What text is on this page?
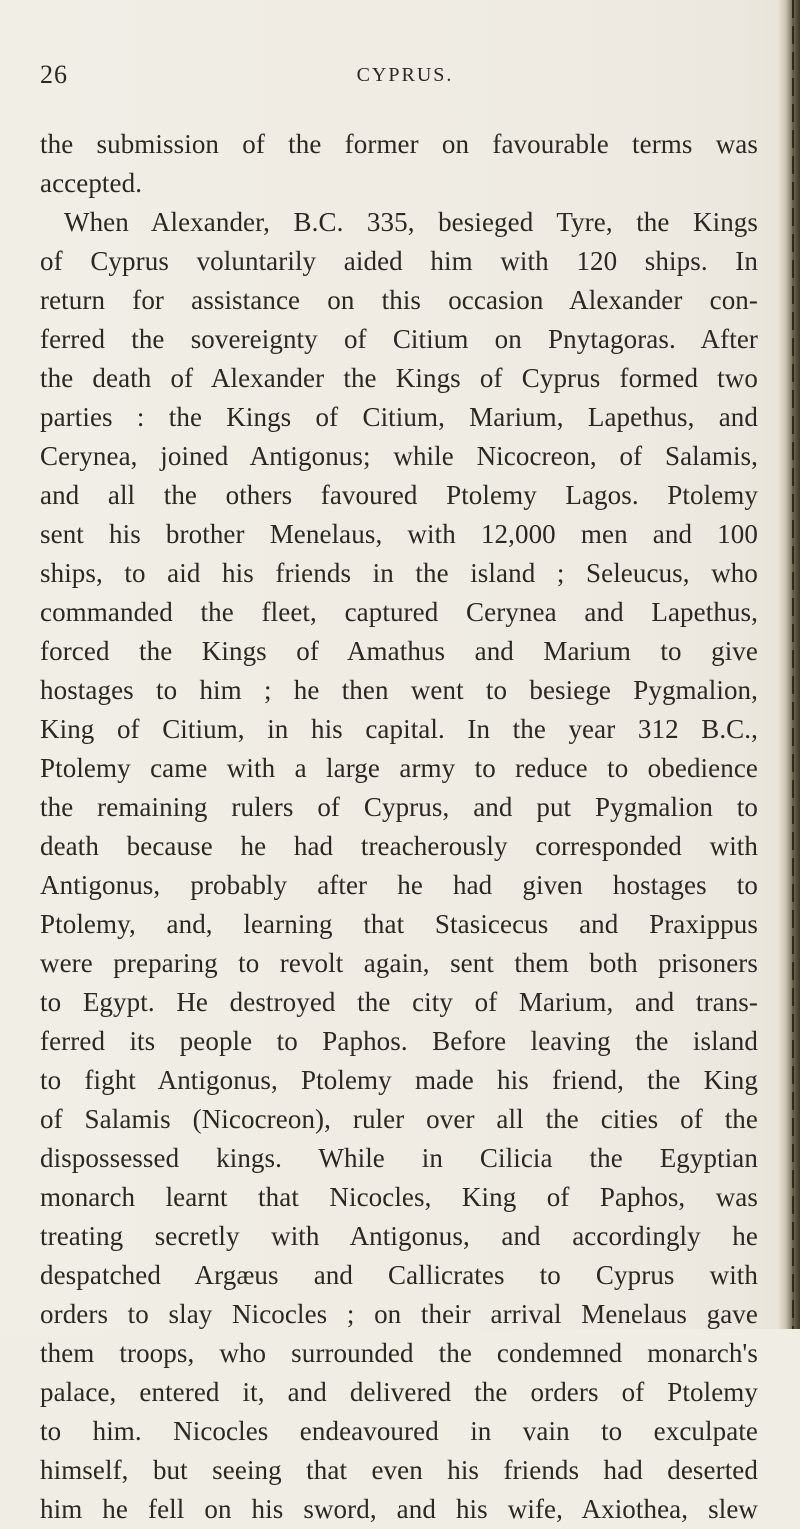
26	CYPRUS.
the submission of the former on favourable terms was
accepted.
When Alexander, B.C. 335, besieged Tyre, the Kings
of Cyprus voluntarily aided him with 120 ships. In
return for assistance on this occasion Alexander con-
ferred the sovereignty of Citium on Pnytagoras. After
the death of Alexander the Kings of Cyprus formed two
parties : the Kings of Citium, Marium, Lapethus, and
Cerynea, joined Antigonus; while Nicocreon, of Salamis,
and all the others favoured Ptolemy Lagos. Ptolemy
sent his brother Menelaus, with 12,000 men and 100
ships, to aid his friends in the island ; Seleucus, who
commanded the fleet, captured Cerynea and Lapethus,
forced the Kings of Amathus and Marium to give
hostages to him ; he then went to besiege Pygmalion,
King of Citium, in his capital. In the year 312 B.C.,
Ptolemy came with a large army to reduce to obedience
the remaining rulers of Cyprus, and put Pygmalion to
death because he had treacherously corresponded with
Antigonus, probably after he had given hostages to
Ptolemy, and, learning that Stasicecus and Praxippus
were preparing to revolt again, sent them both prisoners
to Egypt. He destroyed the city of Marium, and trans-
ferred its people to Paphos. Before leaving the island
to fight Antigonus, Ptolemy made his friend, the King
of Salamis (Nicocreon), ruler over all the cities of the
dispossessed kings. While in Cilicia the Egyptian
monarch learnt that Nicocles, King of Paphos, was
treating secretly with Antigonus, and accordingly he
despatched Argæus and Callicrates to Cyprus with
orders to slay Nicocles ; on their arrival Menelaus gave
them troops, who surrounded the condemned monarch's
palace, entered it, and delivered the orders of Ptolemy
to him. Nicocles endeavoured in vain to exculpate
himself, but seeing that even his friends had deserted
him he fell on his sword, and his wife, Axiothea, slew
